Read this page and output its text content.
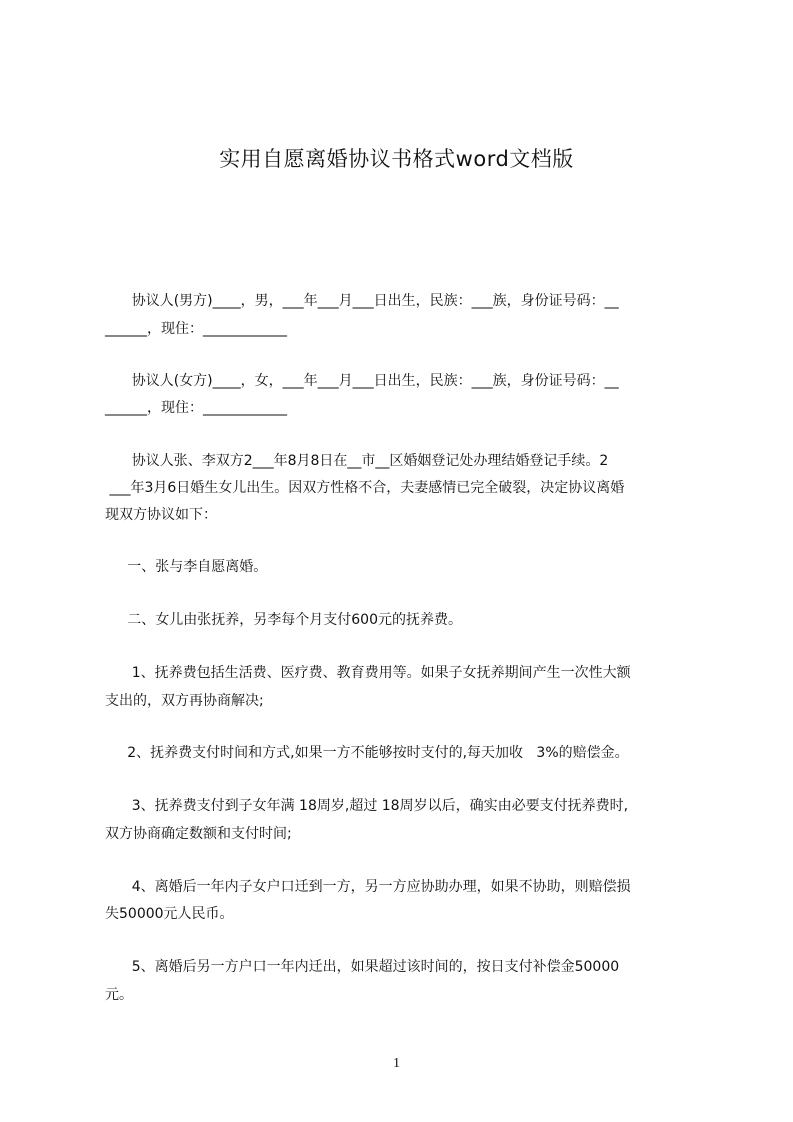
实用自愿离婚协议书格式word文档版

协议人(男方)____，男，___年___月___日出生，民族：___族，身份证号码：__

______，现住：____________

协议人(女方)____，女，___年___月___日出生，民族：___族，身份证号码：__

______，现住：____________

协议人张、李双方2___年8月8日在__市__区婚姻登记处办理结婚登记手续。2

___年3月6日婚生女儿出生。因双方性格不合，夫妻感情已完全破裂，决定协议离婚

现双方协议如下：

一、张与李自愿离婚。

二、女儿由张抚养，另李每个月支付600元的抚养费。

1、抚养费包括生活费、医疗费、教育费用等。如果子女抚养期间产生一次性大额

支出的，双方再协商解决;

2、抚养费支付时间和方式,如果一方不能够按时支付的,每天加收   3%的赔偿金。

3、抚养费支付到子女年满 18周岁,超过 18周岁以后，确实由必要支付抚养费时,

双方协商确定数额和支付时间;

4、离婚后一年内子女户口迁到一方，另一方应协助办理，如果不协助，则赔偿损

失50000元人民币。

5、离婚后另一方户口一年内迁出，如果超过该时间的，按日支付补偿金50000

元。

1
